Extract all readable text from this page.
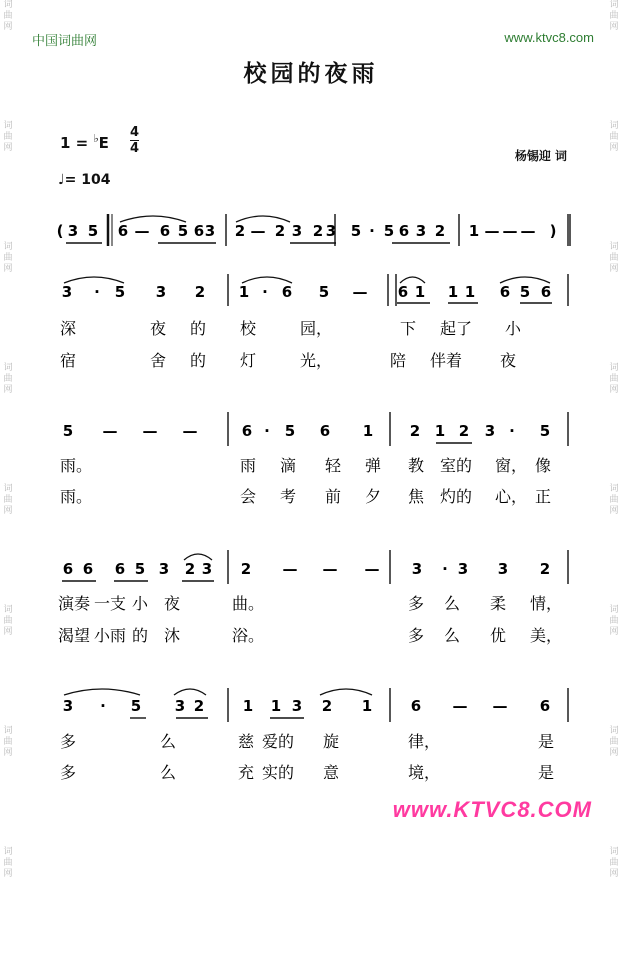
词
曲
网
词
曲
网
词
曲
网
词
曲
网
词
曲
网
词
曲
网
词
曲
网
词
曲
网
词
曲
网
词
曲
网
词
曲
网
词
曲
网
词
曲
网
词
曲
网
词
曲
网
词
曲
网
中国词曲网	www.ktvc8.com
校园的夜雨
1 = ♭E
4
4	杨锡迎 词
♩= 104
3 5 6 — 6 5 6 3 2 — 2 3 2 3 5 · 5 6 3 2 1 — — —
(	)
3 · 5 3 2 1 · 6 5 — 6 1 1 1 6 5 6
深	夜 的 校	园，	下 起了 小
宿	舍 的 灯	光，	陪 伴着 夜
5 — — —	6 · 5 6 1 2 1 2 3 · 5
雨。	雨 滴 轻 弹 教 室的 窗， 像
雨。	会 考 前 夕 焦 灼的 心， 正
6 6 6 5 3 2 3 2 — — — 3 · 3 3 2
演奏 一支 小 夜	曲。	多 么 柔 情，
渴望 小雨 的 沐	浴。	多 么 优 美，
3 · 5 3 2	1 1 3 2 1	6 — — 6
多	么	慈 爱的 旋	律，	是
多	么	充 实的 意	境，	是
www.KTVC8.COM
